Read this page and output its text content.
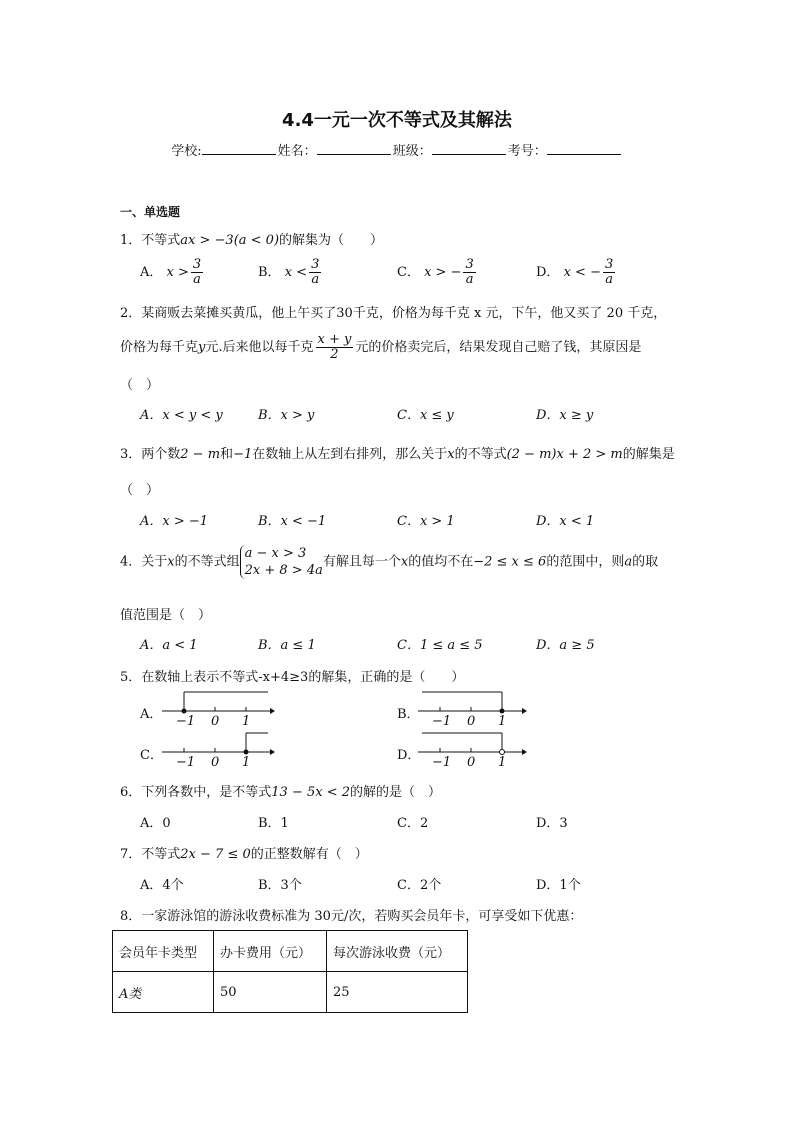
4.4一元一次不等式及其解法
学校:	姓名：	班级：	考号：
一、单选题
1．不等式ax > −3(a < 0)的解集为（　　）
A． $x > \frac{3}{a}$	B． $x < \frac{3}{a}$	C． x > − $\frac{3}{a}$	D． x < − $\frac{3}{a}$
2．某商贩去菜摊买黄瓜，他上午买了30千克，价格为每千克 x 元，下午，他又买了 20 千克，
价格为每千克y元.后来他以每千克 $\frac{x + y}{2}$ 元的价格卖完后，结果发现自己赔了钱，其原因是
（　）
A．x < y < y	B．x > y	C．x ≤ y	D．x ≥ y
3．两个数2 − m和−1在数轴上从左到右排列，那么关于x的不等式(2 − m)x + 2 > m的解集是
（　）
A．x > −1	B．x < −1	C．x > 1	D．x < 1
4．关于x的不等式组
a − x > 3
2x + 8 > 4a
有解且每一个x的值均不在−2 ≤ x ≤ 6的范围中，则a的取
值范围是（　）
A．a < 1	B．a ≤ 1	C．1 ≤ a ≤ 5	D．a ≥ 5
5．在数轴上表示不等式-x+4≥3的解集，正确的是（　　）
A． −1 0 1	B． −1 0 1
C． −1 0 1	D． −1 0 1
6．下列各数中，是不等式13 − 5x < 2的解的是（　）
A．0	B．1	C．2	D．3
7．不等式2x − 7 ≤ 0的正整数解有（　）
A．4个	B．3个	C．2个	D．1个
8．一家游泳馆的游泳收费标准为 30元/次，若购买会员年卡，可享受如下优惠：
会员年卡类型	办卡费用（元）	每次游泳收费（元）
A类	50	25
